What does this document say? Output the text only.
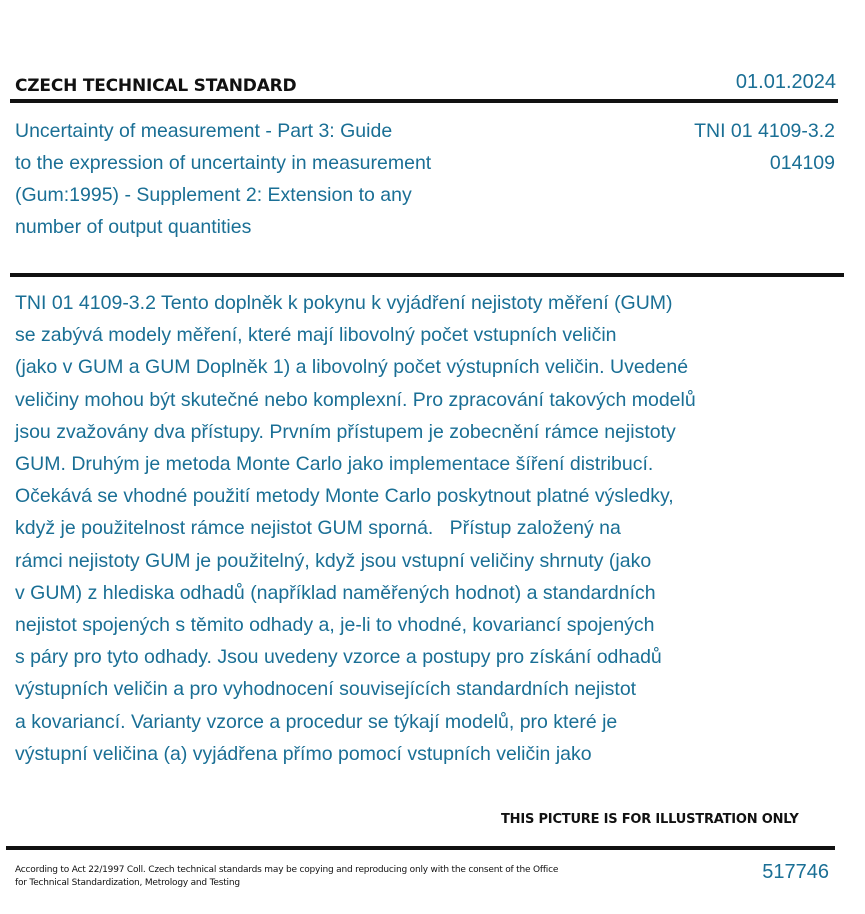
CZECH TECHNICAL STANDARD	01.01.2024
Uncertainty of measurement - Part 3: Guide
to the expression of uncertainty in measurement
(Gum:1995) - Supplement 2: Extension to any
number of output quantities
TNI 01 4109-3.2
014109
TNI 01 4109-3.2 Tento doplněk k pokynu k vyjádření nejistoty měření (GUM)
se zabývá modely měření, které mají libovolný počet vstupních veličin
(jako v GUM a GUM Doplněk 1) a libovolný počet výstupních veličin. Uvedené
veličiny mohou být skutečné nebo komplexní. Pro zpracování takových modelů
jsou zvažovány dva přístupy. Prvním přístupem je zobecnění rámce nejistoty
GUM. Druhým je metoda Monte Carlo jako implementace šíření distribucí.
Očekává se vhodné použití metody Monte Carlo poskytnout platné výsledky,
když je použitelnost rámce nejistot GUM sporná.   Přístup založený na
rámci nejistoty GUM je použitelný, když jsou vstupní veličiny shrnuty (jako
v GUM) z hlediska odhadů (například naměřených hodnot) a standardních
nejistot spojených s těmito odhady a, je-li to vhodné, kovariancí spojených
s páry pro tyto odhady. Jsou uvedeny vzorce a postupy pro získání odhadů
výstupních veličin a pro vyhodnocení souvisejících standardních nejistot
a kovariancí. Varianty vzorce a procedur se týkají modelů, pro které je
výstupní veličina (a) vyjádřena přímo pomocí vstupních veličin jako
THIS PICTURE IS FOR ILLUSTRATION ONLY
According to Act 22/1997 Coll. Czech technical standards may be copying and reproducing only with the consent of the Office
for Technical Standardization, Metrology and Testing	517746
